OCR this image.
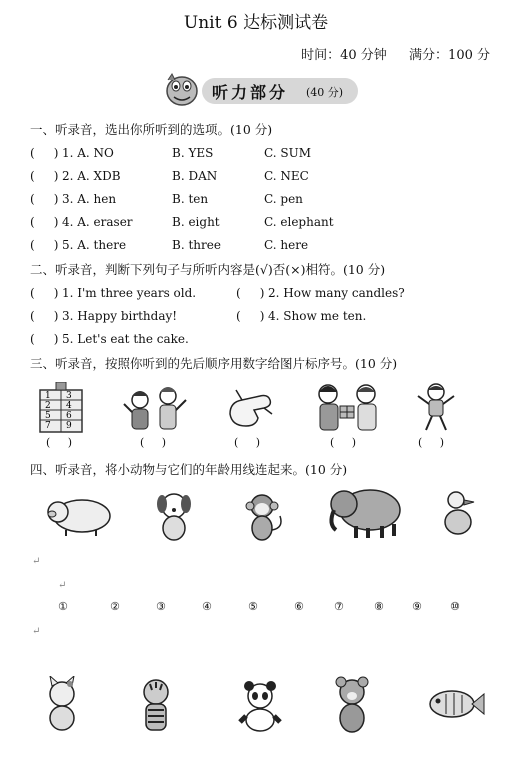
Unit 6 达标测试卷
时间：40 分钟 满分：100 分
听力部分 (40 分)
一、听录音，选出你所听到的选项。(10 分)
(     ) 1. A. NO	B. YES	C. SUM
(     ) 2. A. XDB	B. DAN	C. NEC
(     ) 3. A. hen	B. ten	C. pen
(     ) 4. A. eraser	B. eight	C. elephant
(     ) 5. A. there	B. three	C. here
二、听录音，判断下列句子与所听内容是(√)否(×)相符。(10 分)
(     ) 1. I'm three years old.	(     ) 2. How many candles?
(     ) 3. Happy birthday!	(     ) 4. Show me ten.
(     ) 5. Let's eat the cake.
三、听录音，按照你听到的先后顺序用数字给图片标序号。(10 分)
1 3
2 4
5 6
7 9
(     )	(     )	(     )	(     )	(     )
四、听录音，将小动物与它们的年龄用线连起来。(10 分)
↵
↵
①	②	③	④	⑤	⑥	⑦	⑧	⑨	⑩
↵
